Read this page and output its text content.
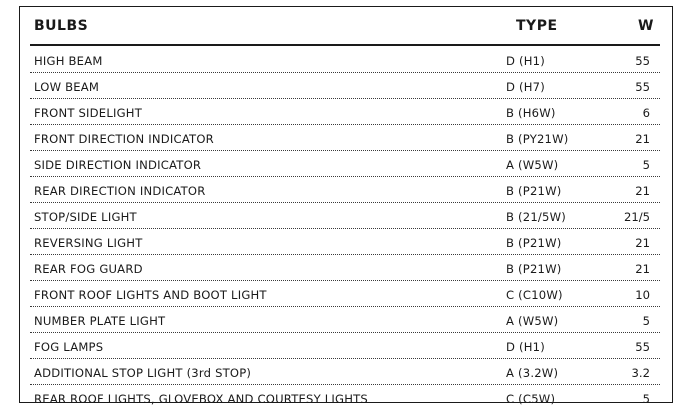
BULBS	TYPE	W
HIGH BEAM	D (H1)	55
LOW BEAM	D (H7)	55
FRONT SIDELIGHT	B (H6W)	6
FRONT DIRECTION INDICATOR	B (PY21W)	21
SIDE DIRECTION INDICATOR	A (W5W)	5
REAR DIRECTION INDICATOR	B (P21W)	21
STOP/SIDE LIGHT	B (21/5W)	21/5
REVERSING LIGHT	B (P21W)	21
REAR FOG GUARD	B (P21W)	21
FRONT ROOF LIGHTS AND BOOT LIGHT	C (C10W)	10
NUMBER PLATE LIGHT	A (W5W)	5
FOG LAMPS	D (H1)	55
ADDITIONAL STOP LIGHT (3rd STOP)	A (3.2W)	3.2
REAR ROOF LIGHTS, GLOVEBOX AND COURTESY LIGHTS	C (C5W)	5
